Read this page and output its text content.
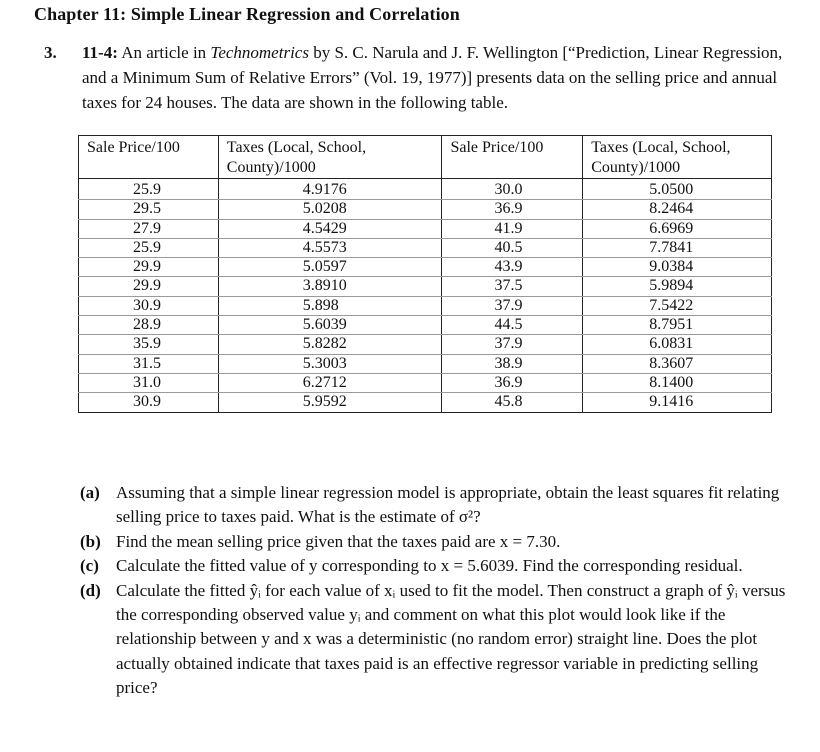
Chapter 11: Simple Linear Regression and Correlation
3. 11-4: An article in Technometrics by S. C. Narula and J. F. Wellington [“Prediction, Linear Regression, and a Minimum Sum of Relative Errors” (Vol. 19, 1977)] presents data on the selling price and annual taxes for 24 houses. The data are shown in the following table.
Sale Price/100	Taxes (Local, School, County)/1000	Sale Price/100	Taxes (Local, School, County)/1000
25.9	4.9176	30.0	5.0500
29.5	5.0208	36.9	8.2464
27.9	4.5429	41.9	6.6969
25.9	4.5573	40.5	7.7841
29.9	5.0597	43.9	9.0384
29.9	3.8910	37.5	5.9894
30.9	5.898	37.9	7.5422
28.9	5.6039	44.5	8.7951
35.9	5.8282	37.9	6.0831
31.5	5.3003	38.9	8.3607
31.0	6.2712	36.9	8.1400
30.9	5.9592	45.8	9.1416
(a) Assuming that a simple linear regression model is appropriate, obtain the least squares fit relating selling price to taxes paid. What is the estimate of σ²?
(b) Find the mean selling price given that the taxes paid are x = 7.30.
(c) Calculate the fitted value of y corresponding to x = 5.6039. Find the corresponding residual.
(d) Calculate the fitted ŷᵢ for each value of xᵢ used to fit the model. Then construct a graph of ŷᵢ versus the corresponding observed value yᵢ and comment on what this plot would look like if the relationship between y and x was a deterministic (no random error) straight line. Does the plot actually obtained indicate that taxes paid is an effective regressor variable in predicting selling price?
